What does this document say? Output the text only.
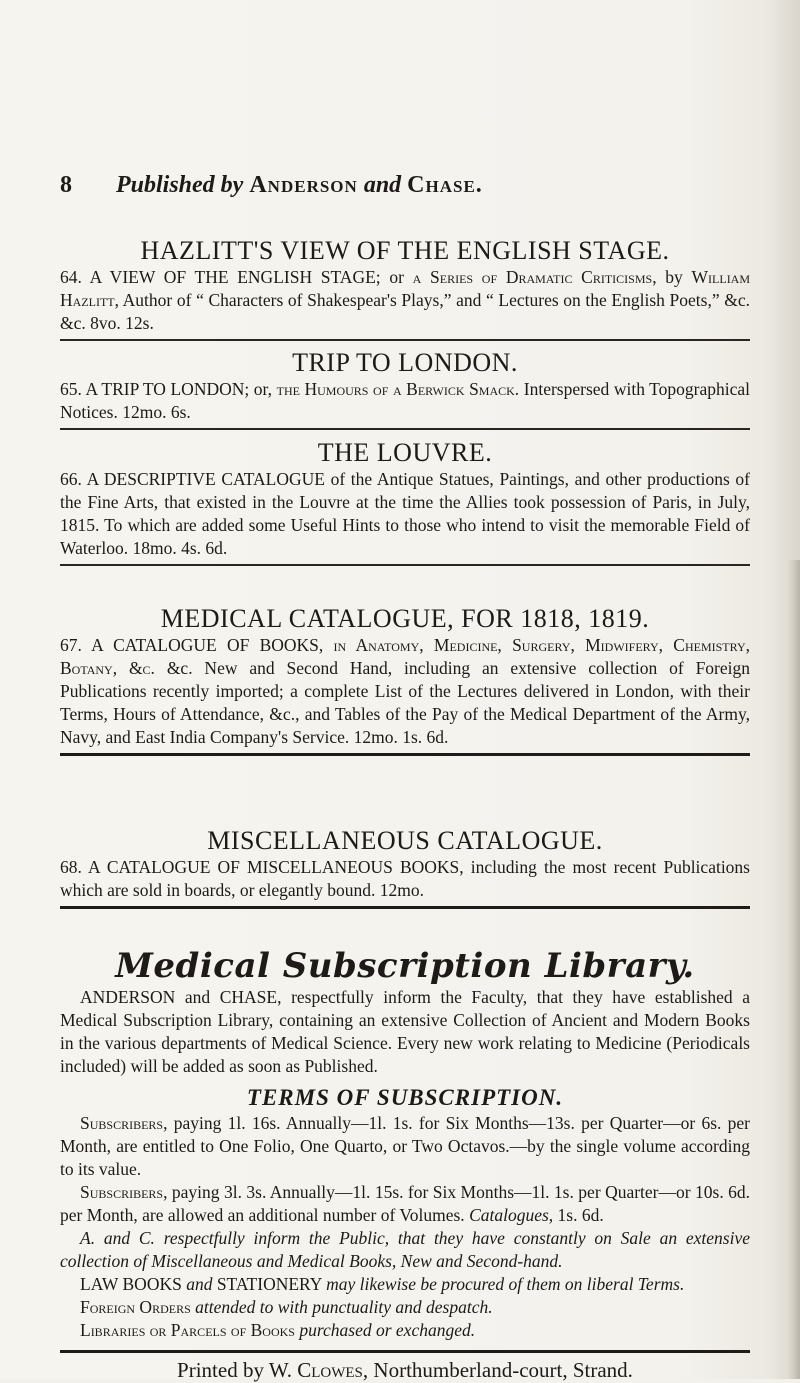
8 Published by Anderson and Chase.
HAZLITT'S VIEW OF THE ENGLISH STAGE.
64. A VIEW OF THE ENGLISH STAGE; or a Series of Dramatic Criticisms, by William Hazlitt, Author of “ Characters of Shakespear's Plays,” and “ Lectures on the English Poets,” &c. &c. 8vo. 12s.
TRIP TO LONDON.
65. A TRIP TO LONDON; or, the Humours of a Berwick Smack. Interspersed with Topographical Notices. 12mo. 6s.
THE LOUVRE.
66. A DESCRIPTIVE CATALOGUE of the Antique Statues, Paintings, and other productions of the Fine Arts, that existed in the Louvre at the time the Allies took possession of Paris, in July, 1815. To which are added some Useful Hints to those who intend to visit the memorable Field of Waterloo. 18mo. 4s. 6d.
MEDICAL CATALOGUE, FOR 1818, 1819.
67. A CATALOGUE OF BOOKS, in Anatomy, Medicine, Surgery, Midwifery, Chemistry, Botany, &c. &c. New and Second Hand, including an extensive collection of Foreign Publications recently imported; a complete List of the Lectures delivered in London, with their Terms, Hours of Attendance, &c., and Tables of the Pay of the Medical Department of the Army, Navy, and East India Company's Service. 12mo. 1s. 6d.
MISCELLANEOUS CATALOGUE.
68. A CATALOGUE OF MISCELLANEOUS BOOKS, including the most recent Publications which are sold in boards, or elegantly bound. 12mo.
Medical Subscription Library.
ANDERSON and CHASE, respectfully inform the Faculty, that they have established a Medical Subscription Library, containing an extensive Collection of Ancient and Modern Books in the various departments of Medical Science. Every new work relating to Medicine (Periodicals included) will be added as soon as Published.
TERMS OF SUBSCRIPTION.
Subscribers, paying 1l. 16s. Annually—1l. 1s. for Six Months—13s. per Quarter—or 6s. per Month, are entitled to One Folio, One Quarto, or Two Octavos.—by the single volume according to its value.
Subscribers, paying 3l. 3s. Annually—1l. 15s. for Six Months—1l. 1s. per Quarter—or 10s. 6d. per Month, are allowed an additional number of Volumes. Catalogues, 1s. 6d.
A. and C. respectfully inform the Public, that they have constantly on Sale an extensive collection of Miscellaneous and Medical Books, New and Second-hand.
LAW BOOKS and STATIONERY may likewise be procured of them on liberal Terms.
Foreign Orders attended to with punctuality and despatch.
Libraries or Parcels of Books purchased or exchanged.
Printed by W. Clowes, Northumberland-court, Strand.
